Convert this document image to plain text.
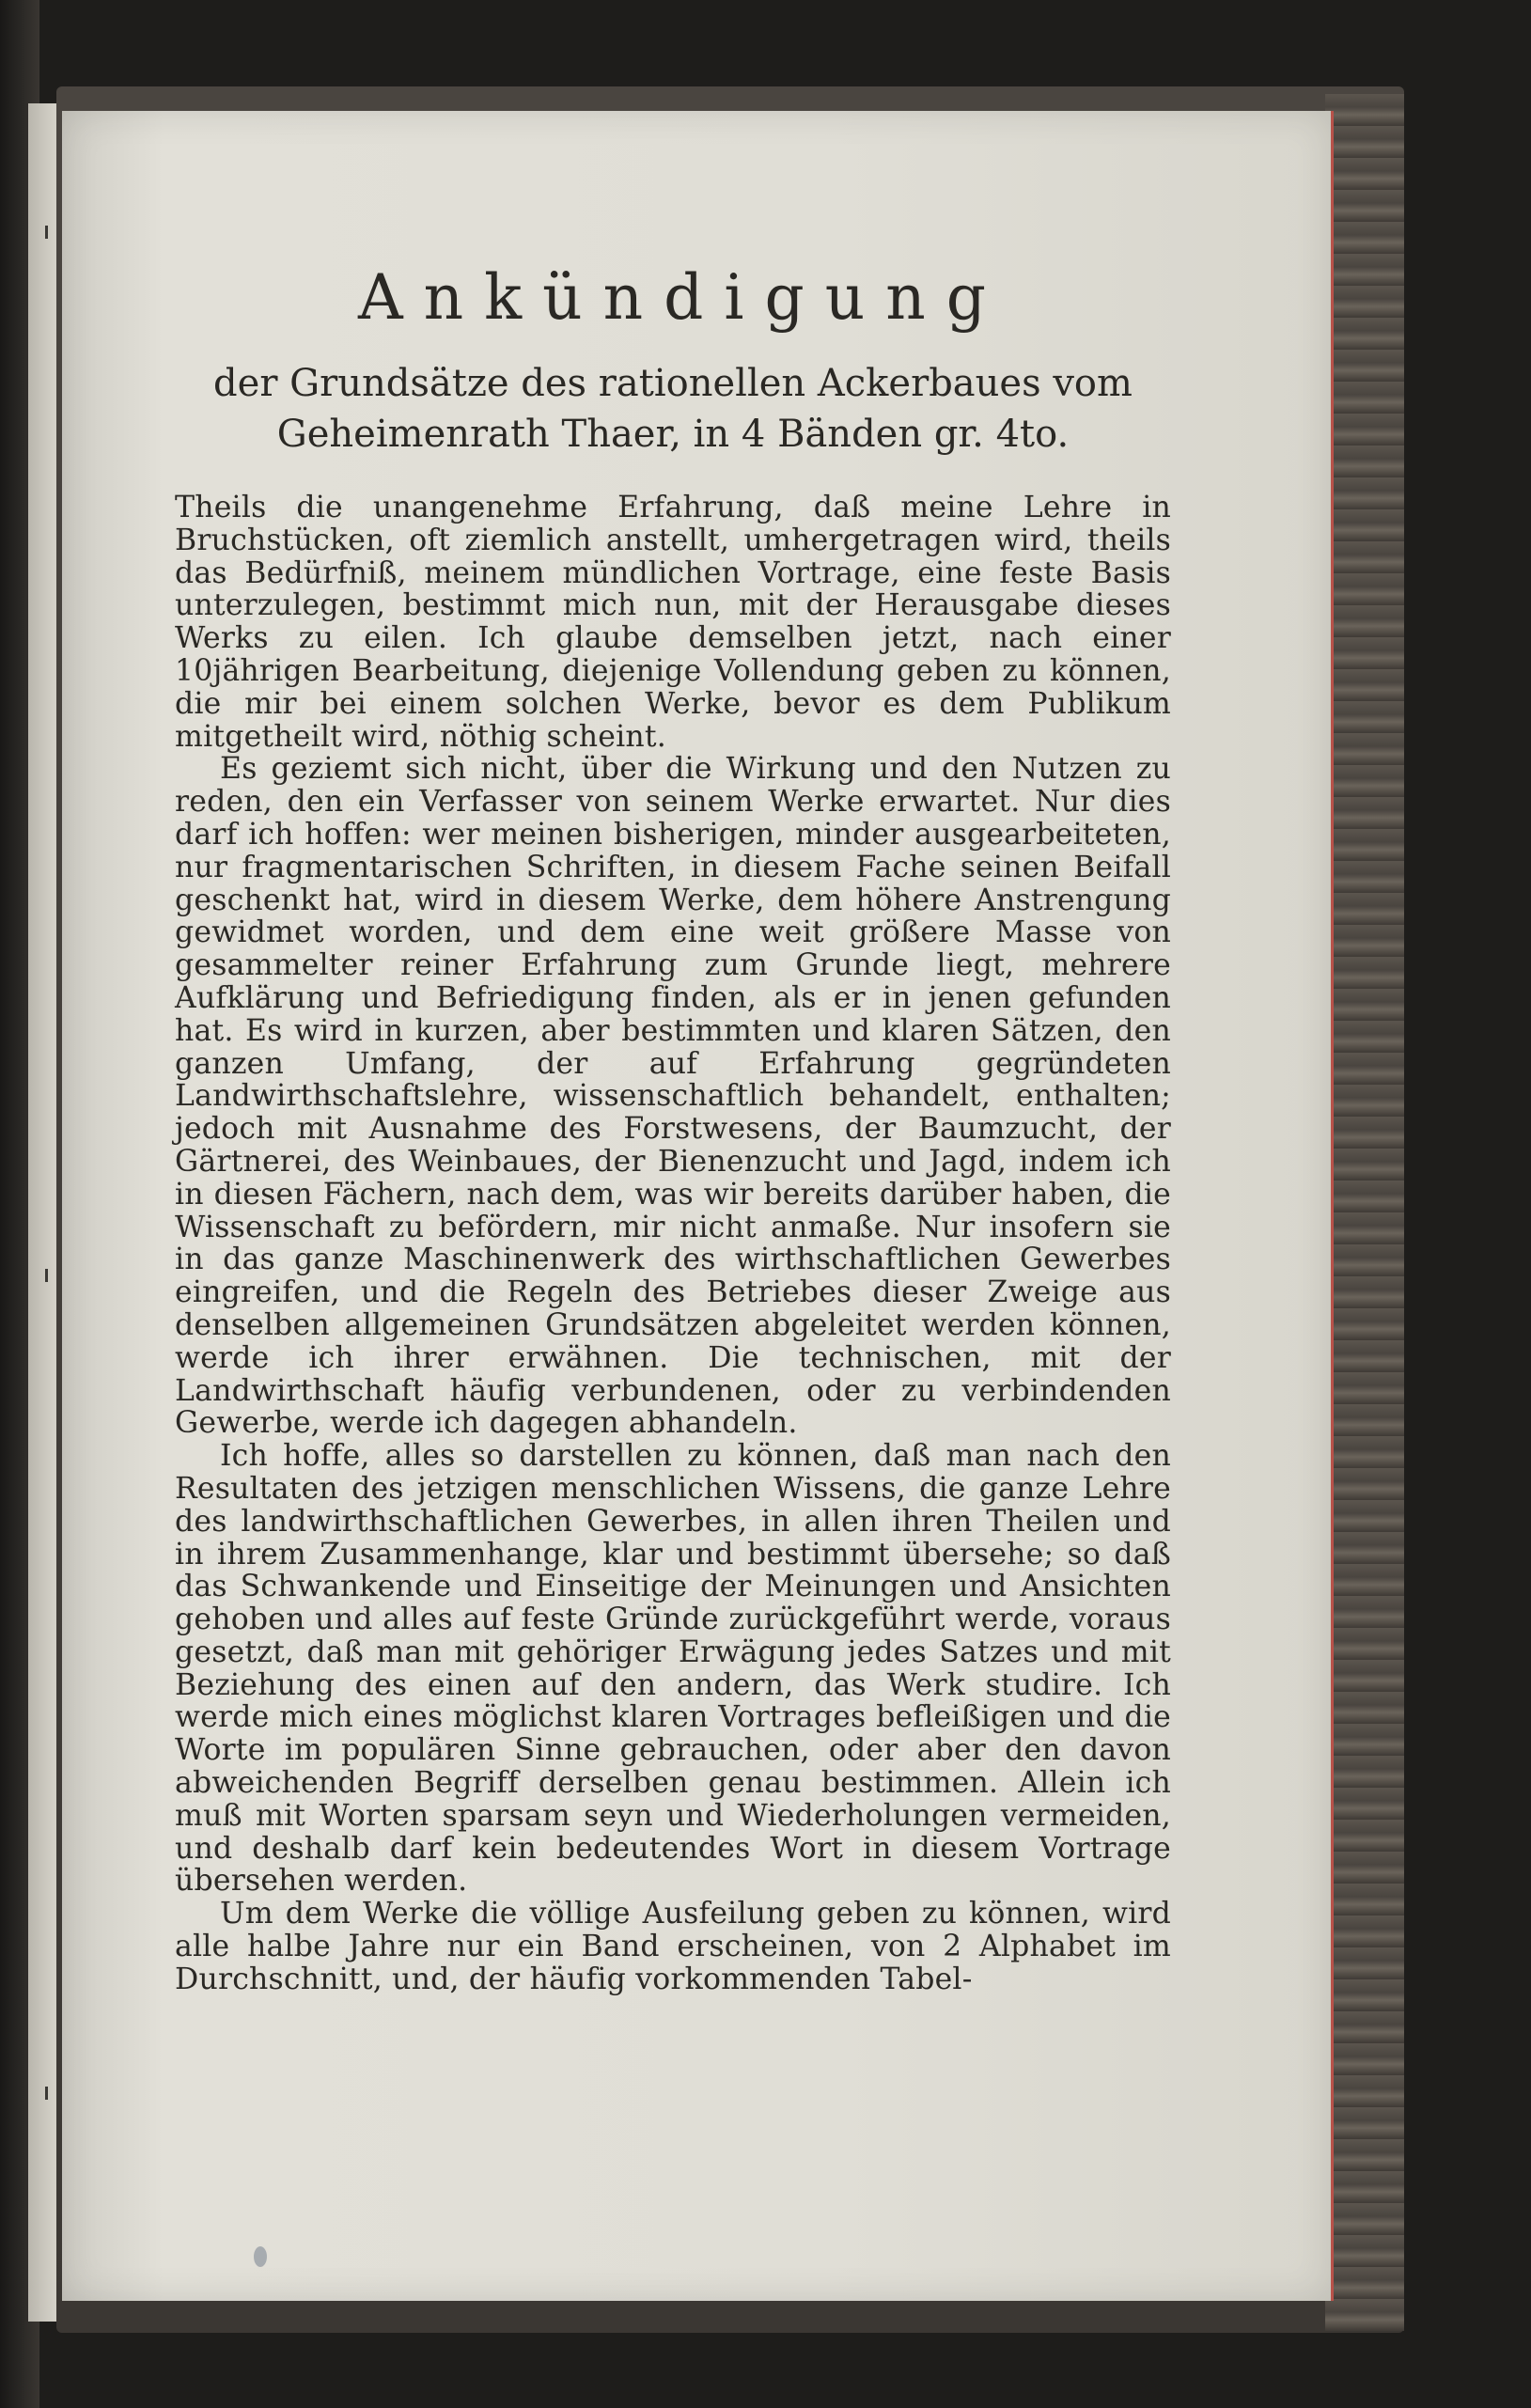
Ankündigung
der Grundsätze des rationellen Ackerbaues vom Geheimenrath Thaer, in 4 Bänden gr. 4to.

Theils die unangenehme Erfahrung, daß meine Lehre in Bruchstücken, oft ziemlich anstellt, umhergetragen wird, theils das Bedürfniß, meinem mündlichen Vortrage, eine feste Basis unterzulegen, bestimmt mich nun, mit der Herausgabe dieses Werks zu eilen. Ich glaube demselben jetzt, nach einer 10jährigen Bearbeitung, diejenige Vollendung geben zu können, die mir bei einem solchen Werke, bevor es dem Publikum mitgetheilt wird, nöthig scheint.

Es geziemt sich nicht, über die Wirkung und den Nutzen zu reden, den ein Verfasser von seinem Werke erwartet. Nur dies darf ich hoffen: wer meinen bisherigen, minder ausgearbeiteten, nur fragmentarischen Schriften, in diesem Fache seinen Beifall geschenkt hat, wird in diesem Werke, dem höhere Anstrengung gewidmet worden, und dem eine weit größere Masse von gesammelter reiner Erfahrung zum Grunde liegt, mehrere Aufklärung und Befriedigung finden, als er in jenen gefunden hat. Es wird in kurzen, aber bestimmten und klaren Sätzen, den ganzen Umfang, der auf Erfahrung gegründeten Landwirthschaftslehre, wissenschaftlich behandelt, enthalten; jedoch mit Ausnahme des Forstwesens, der Baumzucht, der Gärtnerei, des Weinbaues, der Bienenzucht und Jagd, indem ich in diesen Fächern, nach dem, was wir bereits darüber haben, die Wissenschaft zu befördern, mir nicht anmaße. Nur insofern sie in das ganze Maschinenwerk des wirthschaftlichen Gewerbes eingreifen, und die Regeln des Betriebes dieser Zweige aus denselben allgemeinen Grundsätzen abgeleitet werden können, werde ich ihrer erwähnen. Die technischen, mit der Landwirthschaft häufig verbundenen, oder zu verbindenden Gewerbe, werde ich dagegen abhandeln.

Ich hoffe, alles so darstellen zu können, daß man nach den Resultaten des jetzigen menschlichen Wissens, die ganze Lehre des landwirthschaftlichen Gewerbes, in allen ihren Theilen und in ihrem Zusammenhange, klar und bestimmt übersehe; so daß das Schwankende und Einseitige der Meinungen und Ansichten gehoben und alles auf feste Gründe zurückgeführt werde, voraus gesetzt, daß man mit gehöriger Erwägung jedes Satzes und mit Beziehung des einen auf den andern, das Werk studire. Ich werde mich eines möglichst klaren Vortrages befleißigen und die Worte im populären Sinne gebrauchen, oder aber den davon abweichenden Begriff derselben genau bestimmen. Allein ich muß mit Worten sparsam seyn und Wiederholungen vermeiden, und deshalb darf kein bedeutendes Wort in diesem Vortrage übersehen werden.

Um dem Werke die völlige Ausfeilung geben zu können, wird alle halbe Jahre nur ein Band erscheinen, von 2 Alphabet im Durchschnitt, und, der häufig vorkommenden Tabel-
